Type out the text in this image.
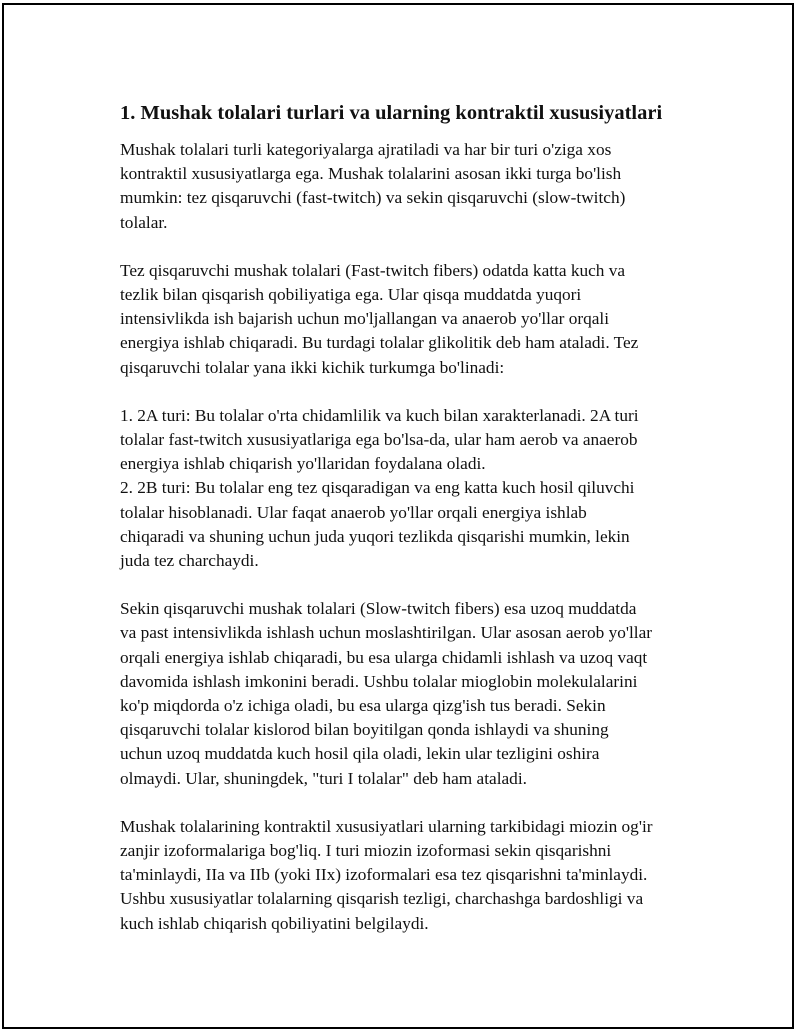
1. Mushak tolalari turlari va ularning kontraktil xususiyatlari
Mushak tolalari turli kategoriyalarga ajratiladi va har bir turi o'ziga xos
kontraktil xususiyatlarga ega. Mushak tolalarini asosan ikki turga bo'lish
mumkin: tez qisqaruvchi (fast-twitch) va sekin qisqaruvchi (slow-twitch)
tolalar.
Tez qisqaruvchi mushak tolalari (Fast-twitch fibers) odatda katta kuch va
tezlik bilan qisqarish qobiliyatiga ega. Ular qisqa muddatda yuqori
intensivlikda ish bajarish uchun mo'ljallangan va anaerob yo'llar orqali
energiya ishlab chiqaradi. Bu turdagi tolalar glikolitik deb ham ataladi. Tez
qisqaruvchi tolalar yana ikki kichik turkumga bo'linadi:
1. 2A turi: Bu tolalar o'rta chidamlilik va kuch bilan xarakterlanadi. 2A turi
tolalar fast-twitch xususiyatlariga ega bo'lsa-da, ular ham aerob va anaerob
energiya ishlab chiqarish yo'llaridan foydalana oladi.
2. 2B turi: Bu tolalar eng tez qisqaradigan va eng katta kuch hosil qiluvchi
tolalar hisoblanadi. Ular faqat anaerob yo'llar orqali energiya ishlab
chiqaradi va shuning uchun juda yuqori tezlikda qisqarishi mumkin, lekin
juda tez charchaydi.
Sekin qisqaruvchi mushak tolalari (Slow-twitch fibers) esa uzoq muddatda
va past intensivlikda ishlash uchun moslashtirilgan. Ular asosan aerob yo'llar
orqali energiya ishlab chiqaradi, bu esa ularga chidamli ishlash va uzoq vaqt
davomida ishlash imkonini beradi. Ushbu tolalar mioglobin molekulalarini
ko'p miqdorda o'z ichiga oladi, bu esa ularga qizg'ish tus beradi. Sekin
qisqaruvchi tolalar kislorod bilan boyitilgan qonda ishlaydi va shuning
uchun uzoq muddatda kuch hosil qila oladi, lekin ular tezligini oshira
olmaydi. Ular, shuningdek, "turi I tolalar" deb ham ataladi.
Mushak tolalarining kontraktil xususiyatlari ularning tarkibidagi miozin og'ir
zanjir izoformalariga bog'liq. I turi miozin izoformasi sekin qisqarishni
ta'minlaydi, IIa va IIb (yoki IIx) izoformalari esa tez qisqarishni ta'minlaydi.
Ushbu xususiyatlar tolalarning qisqarish tezligi, charchashga bardoshligi va
kuch ishlab chiqarish qobiliyatini belgilaydi.
